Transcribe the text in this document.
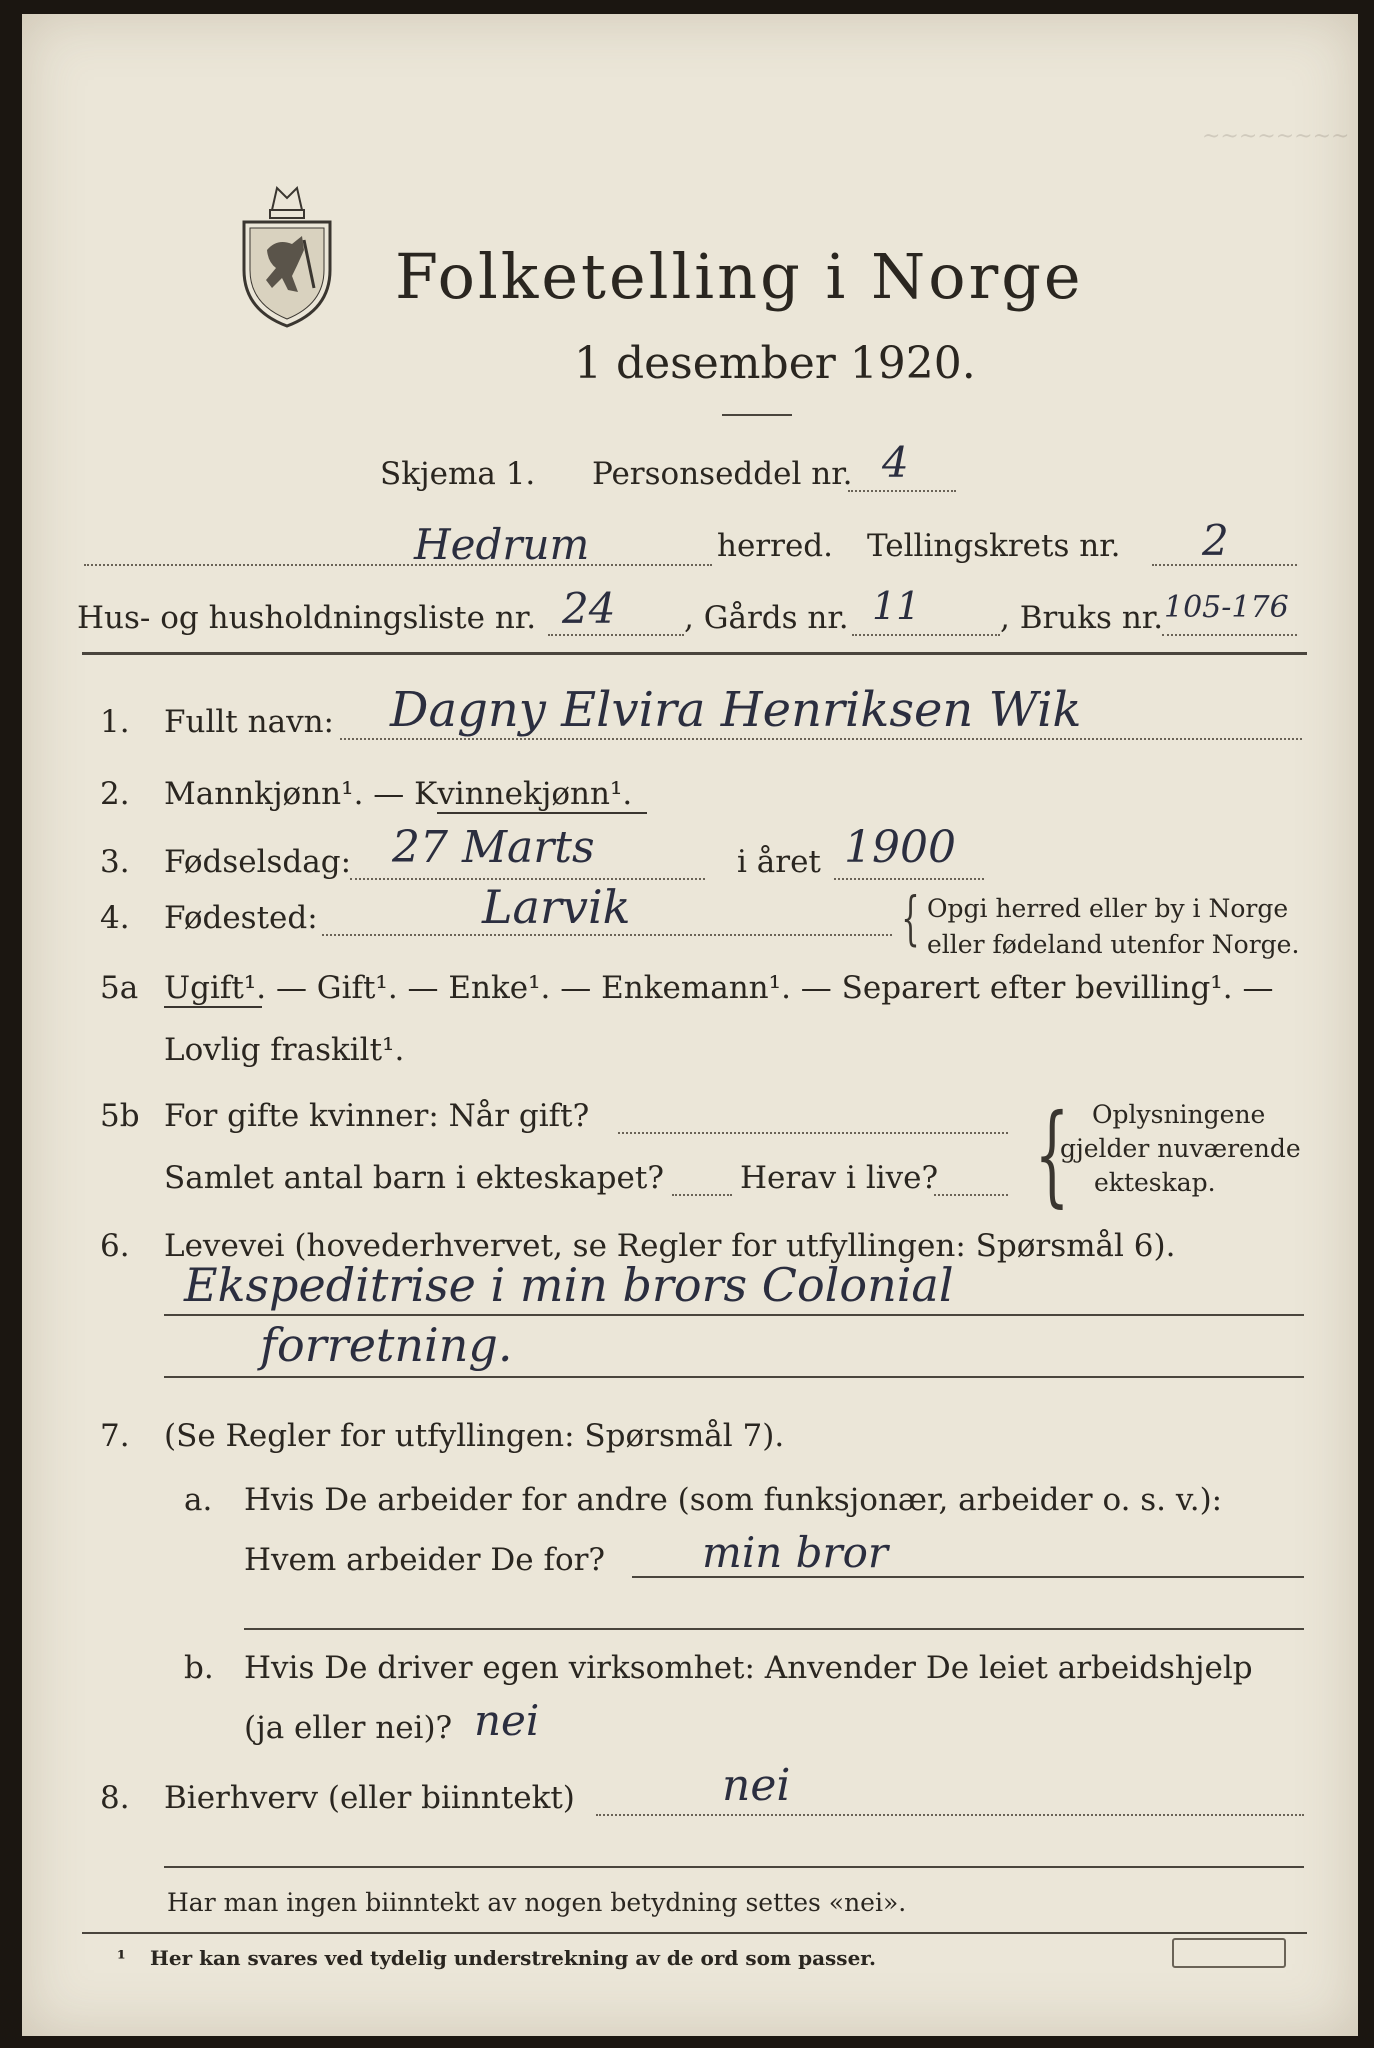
~~~~~~~~
Folketelling i Norge
1 desember 1920.
Skjema 1. Personseddel nr. 4
Hedrum	herred. Tellingskrets nr. 2
Hus- og husholdningsliste nr. 24 , Gårds nr. 11	, Bruks nr. 105-176
1. Fullt navn: Dagny Elvira Henriksen Wik
2. Mannkjønn¹. — Kvinnekjønn¹.
3. Fødselsdag: 27 Marts	i året 1900
4. Fødested:	Larvik	{ Opgi herred eller by i Norge
eller fødeland utenfor Norge.
5a Ugift¹. — Gift¹. — Enke¹. — Enkemann¹. — Separert efter bevilling¹. —
Lovlig fraskilt¹.
5b For gifte kvinner: Når gift?
Samlet antal barn i ekteskapet? Herav i live? { Oplysningene
gjelder nuværende
ekteskap.
6. Levevei (hovederhvervet, se Regler for utfyllingen: Spørsmål 6).
Ekspeditrise i min brors Colonial
forretning.
7. (Se Regler for utfyllingen: Spørsmål 7).
a. Hvis De arbeider for andre (som funksjonær, arbeider o. s. v.):
Hvem arbeider De for? min bror
b. Hvis De driver egen virksomhet: Anvender De leiet arbeidshjelp
(ja eller nei)? nei
8. Bierhverv (eller biinntekt)	nei
Har man ingen biinntekt av nogen betydning settes «nei».
¹ Her kan svares ved tydelig understrekning av de ord som passer.
